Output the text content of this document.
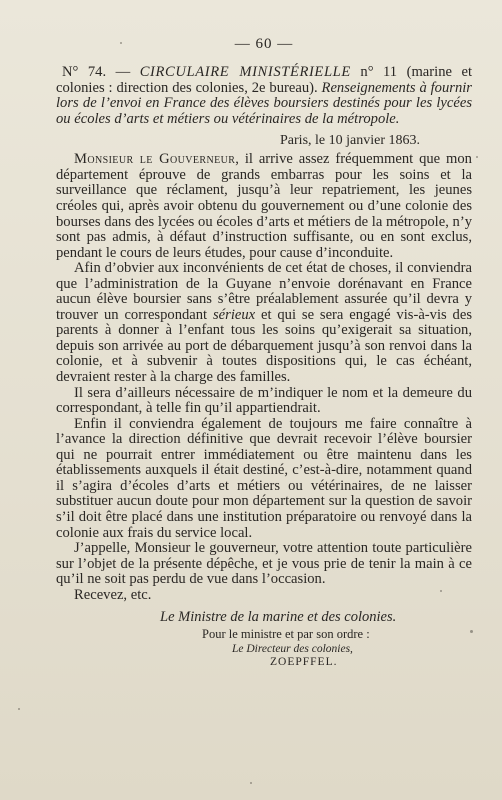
— 60 —

N° 74. — CIRCULAIRE MINISTÉRIELLE n° 11 (marine et colonies : direction des colonies, 2e bureau). Renseignements à fournir lors de l’envoi en France des élèves boursiers destinés pour les lycées ou écoles d’arts et métiers ou vétérinaires de la métropole.

Paris, le 10 janvier 1863.

Monsieur le Gouverneur, il arrive assez fréquemment que mon département éprouve de grands embarras pour les soins et la surveillance que réclament, jusqu’à leur repatriement, les jeunes créoles qui, après avoir obtenu du gouvernement ou d’une colonie des bourses dans des lycées ou écoles d’arts et métiers de la métropole, n’y sont pas admis, à défaut d’instruction suffisante, ou en sont exclus, pendant le cours de leurs études, pour cause d’inconduite.

Afin d’obvier aux inconvénients de cet état de choses, il conviendra que l’administration de la Guyane n’envoie dorénavant en France aucun élève boursier sans s’être préalablement assurée qu’il devra y trouver un correspondant sérieux et qui se sera engagé vis-à-vis des parents à donner à l’enfant tous les soins qu’exigerait sa situation, depuis son arrivée au port de débarquement jusqu’à son renvoi dans la colonie, et à subvenir à toutes dispositions qui, le cas échéant, devraient rester à la charge des familles.

Il sera d’ailleurs nécessaire de m’indiquer le nom et la demeure du correspondant, à telle fin qu’il appartiendrait.

Enfin il conviendra également de toujours me faire connaître à l’avance la direction définitive que devrait recevoir l’élève boursier qui ne pourrait entrer immédiatement ou être maintenu dans les établissements auxquels il était destiné, c’est-à-dire, notamment quand il s’agira d’écoles d’arts et métiers ou vétérinaires, de ne laisser substituer aucun doute pour mon département sur la question de savoir s’il doit être placé dans une institution préparatoire ou renvoyé dans la colonie aux frais du service local.

J’appelle, Monsieur le gouverneur, votre attention toute particulière sur l’objet de la présente dépêche, et je vous prie de tenir la main à ce qu’il ne soit pas perdu de vue dans l’occasion.

Recevez, etc.

Le Ministre de la marine et des colonies.
Pour le ministre et par son ordre :
Le Directeur des colonies,
ZOEPFFEL.
